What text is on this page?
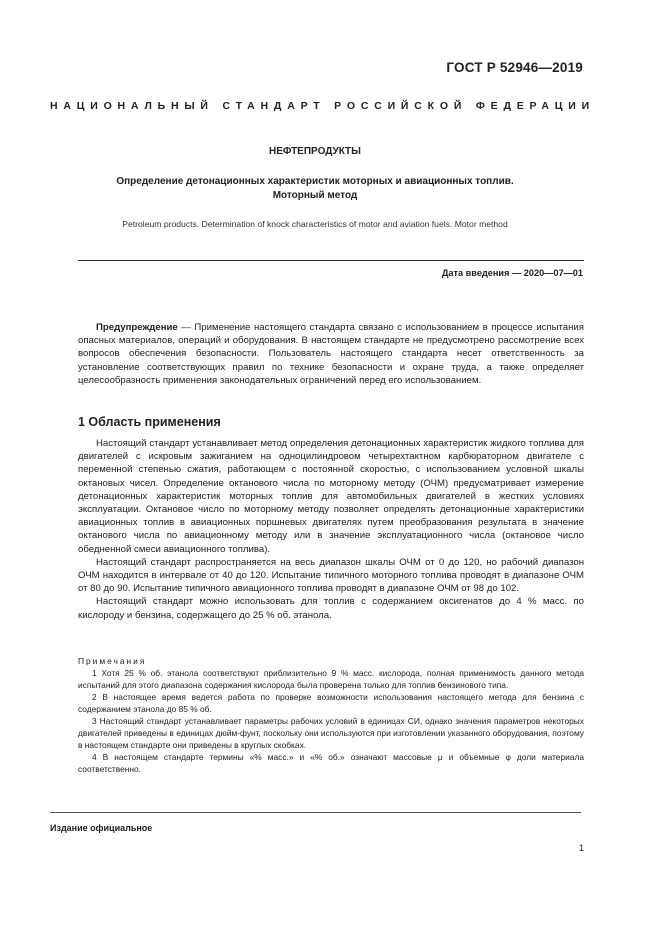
ГОСТ Р 52946—2019
НАЦИОНАЛЬНЫЙ СТАНДАРТ РОССИЙСКОЙ ФЕДЕРАЦИИ
НЕФТЕПРОДУКТЫ
Определение детонационных характеристик моторных и авиационных топлив.
Моторный метод
Petroleum products. Determination of knock characteristics of motor and aviation fuels. Motor method
Дата введения — 2020—07—01

Предупреждение — Применение настоящего стандарта связано с использованием в процессе испытания опасных материалов, операций и оборудования. В настоящем стандарте не предусмотрено рассмотрение всех вопросов обеспечения безопасности. Пользователь настоящего стандарта несет ответственность за установление соответствующих правил по технике безопасности и охране труда, а также определяет целесообразность применения законодательных ограничений перед его использованием.

1 Область применения

Настоящий стандарт устанавливает метод определения детонационных характеристик жидкого топлива для двигателей с искровым зажиганием на одноцилиндровом четырехтактном карбюраторном двигателе с переменной степенью сжатия, работающем с постоянной скоростью, с использованием условной шкалы октановых чисел. Определение октанового числа по моторному методу (ОЧМ) предусматривает измерение детонационных характеристик моторных топлив для автомобильных двигателей в жестких условиях эксплуатации. Октановое число по моторному методу позволяет определять детонационные характеристики авиационных топлив в авиационных поршневых двигателях путем преобразования результата в значение октанового числа по авиационному методу или в значение эксплуатационного числа (октановое число обедненной смеси авиационного топлива).

Настоящий стандарт распространяется на весь диапазон шкалы ОЧМ от 0 до 120, но рабочий диапазон ОЧМ находится в интервале от 40 до 120. Испытание типичного моторного топлива проводят в диапазоне ОЧМ от 80 до 90. Испытание типичного авиационного топлива проводят в диапазоне ОЧМ от 98 до 102.

Настоящий стандарт можно использовать для топлив с содержанием оксигенатов до 4 % масс. по кислороду и бензина, содержащего до 25 % об. этанола.

Примечания

1 Хотя 25 % об. этанола соответствуют приблизительно 9 % масс. кислорода, полная применимость данного метода испытаний для этого диапазона содержания кислорода была проверена только для топлив бензинового типа.

2 В настоящее время ведется работа по проверке возможности использования настоящего метода для бензина с содержанием этанола до 85 % об.

3 Настоящий стандарт устанавливает параметры рабочих условий в единицах СИ, однако значения параметров некоторых двигателей приведены в единицах дюйм-фунт, поскольку они используются при изготовлении указанного оборудования, поэтому в настоящем стандарте они приведены в круглых скобках.

4 В настоящем стандарте термины «% масс.» и «% об.» означают массовые μ и объемные φ доли материала соответственно.

Издание официальное
1
